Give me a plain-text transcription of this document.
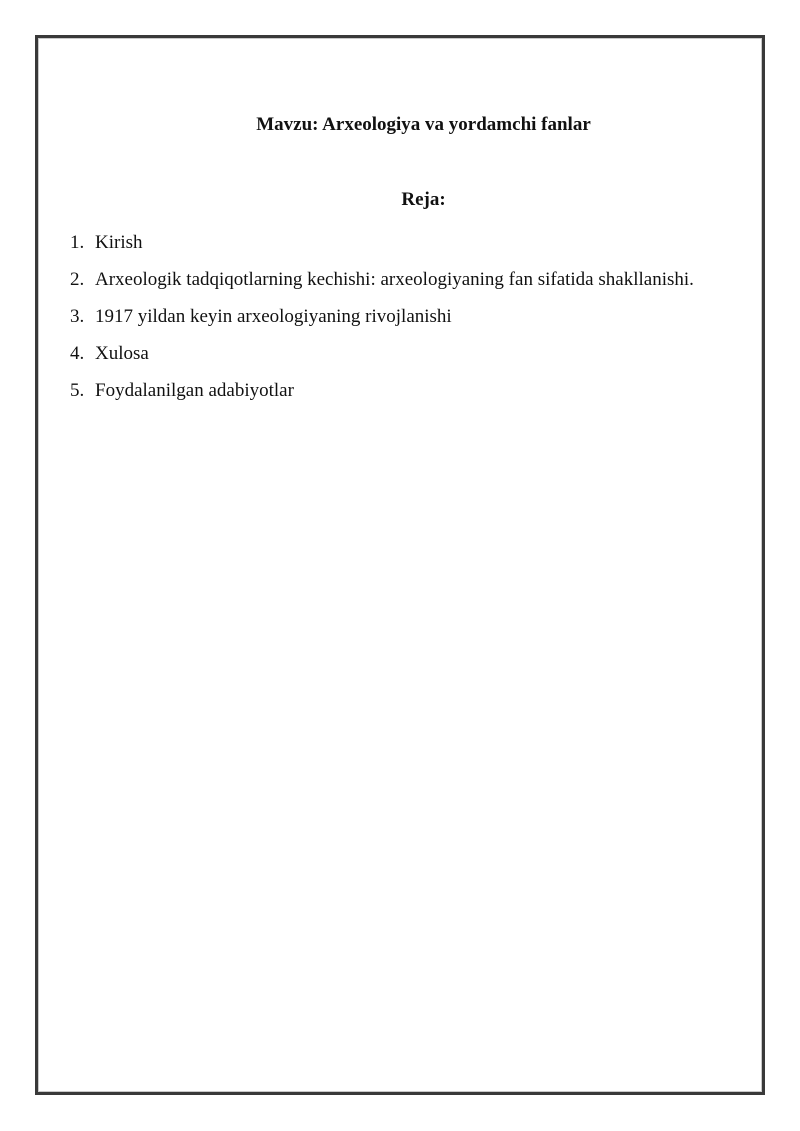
Mavzu: Arxeologiya va yordamchi fanlar
Reja:
1. Kirish
2. Arxeologik tadqiqotlarning kechishi: arxeologiyaning fan sifatida shakllanishi.
3. 1917 yildan keyin arxeologiyaning rivojlanishi
4. Xulosa
5. Foydalanilgan adabiyotlar
